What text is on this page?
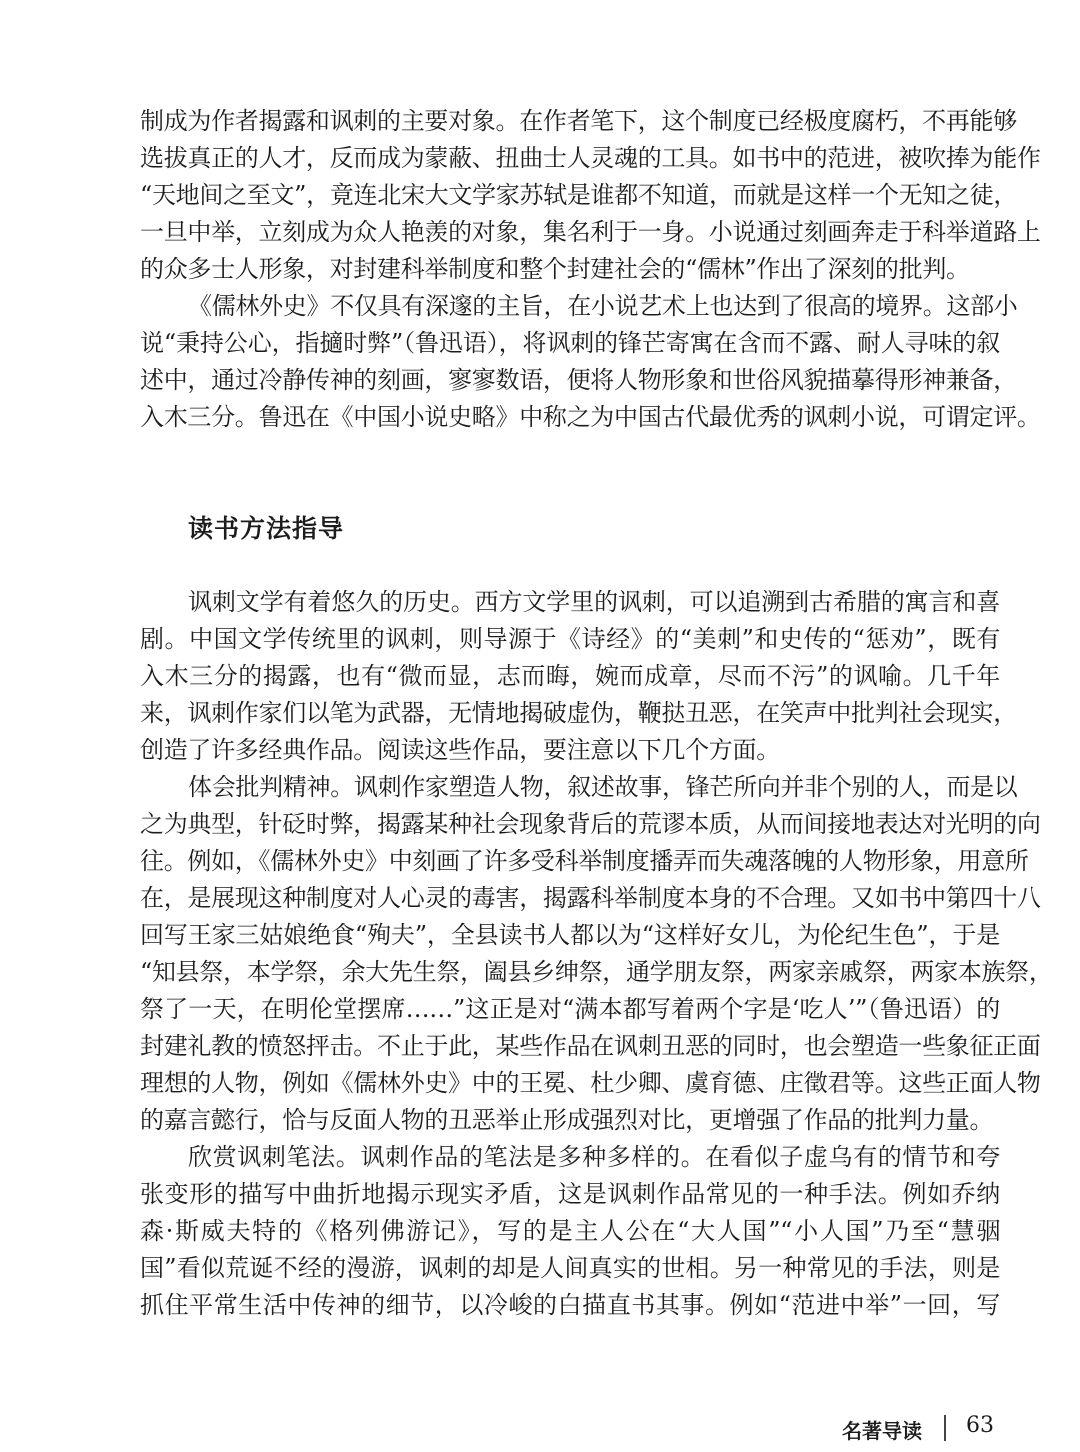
制成为作者揭露和讽刺的主要对象。在作者笔下，这个制度已经极度腐朽，不再能够
选拔真正的人才，反而成为蒙蔽、扭曲士人灵魂的工具。如书中的范进，被吹捧为能作
“天地间之至文”，竟连北宋大文学家苏轼是谁都不知道，而就是这样一个无知之徒，
一旦中举，立刻成为众人艳羡的对象，集名利于一身。小说通过刻画奔走于科举道路上
的众多士人形象，对封建科举制度和整个封建社会的“儒林”作出了深刻的批判。
《儒林外史》不仅具有深邃的主旨，在小说艺术上也达到了很高的境界。这部小
说“秉持公心，指擿时弊”（鲁迅语），将讽刺的锋芒寄寓在含而不露、耐人寻味的叙
述中，通过冷静传神的刻画，寥寥数语，便将人物形象和世俗风貌描摹得形神兼备，
入木三分。鲁迅在《中国小说史略》中称之为中国古代最优秀的讽刺小说，可谓定评。
读书方法指导
讽刺文学有着悠久的历史。西方文学里的讽刺，可以追溯到古希腊的寓言和喜
剧。中国文学传统里的讽刺，则导源于《诗经》的“美刺”和史传的“惩劝”，既有
入木三分的揭露，也有“微而显，志而晦，婉而成章，尽而不污”的讽喻。几千年
来，讽刺作家们以笔为武器，无情地揭破虚伪，鞭挞丑恶，在笑声中批判社会现实，
创造了许多经典作品。阅读这些作品，要注意以下几个方面。
体会批判精神。讽刺作家塑造人物，叙述故事，锋芒所向并非个别的人，而是以
之为典型，针砭时弊，揭露某种社会现象背后的荒谬本质，从而间接地表达对光明的向
往。例如，《儒林外史》中刻画了许多受科举制度播弄而失魂落魄的人物形象，用意所
在，是展现这种制度对人心灵的毒害，揭露科举制度本身的不合理。又如书中第四十八
回写王家三姑娘绝食“殉夫”，全县读书人都以为“这样好女儿，为伦纪生色”，于是
“知县祭，本学祭，余大先生祭，阖县乡绅祭，通学朋友祭，两家亲戚祭，两家本族祭，
祭了一天，在明伦堂摆席……”这正是对“满本都写着两个字是‘吃人’”（鲁迅语）的
封建礼教的愤怒抨击。不止于此，某些作品在讽刺丑恶的同时，也会塑造一些象征正面
理想的人物，例如《儒林外史》中的王冕、杜少卿、虞育德、庄徵君等。这些正面人物
的嘉言懿行，恰与反面人物的丑恶举止形成强烈对比，更增强了作品的批判力量。
欣赏讽刺笔法。讽刺作品的笔法是多种多样的。在看似子虚乌有的情节和夸
张变形的描写中曲折地揭示现实矛盾，这是讽刺作品常见的一种手法。例如乔纳
森·斯威夫特的《格列佛游记》，写的是主人公在“大人国”“小人国”乃至“慧骃
国”看似荒诞不经的漫游，讽刺的却是人间真实的世相。另一种常见的手法，则是
抓住平常生活中传神的细节，以冷峻的白描直书其事。例如“范进中举”一回，写
名著导读 63
